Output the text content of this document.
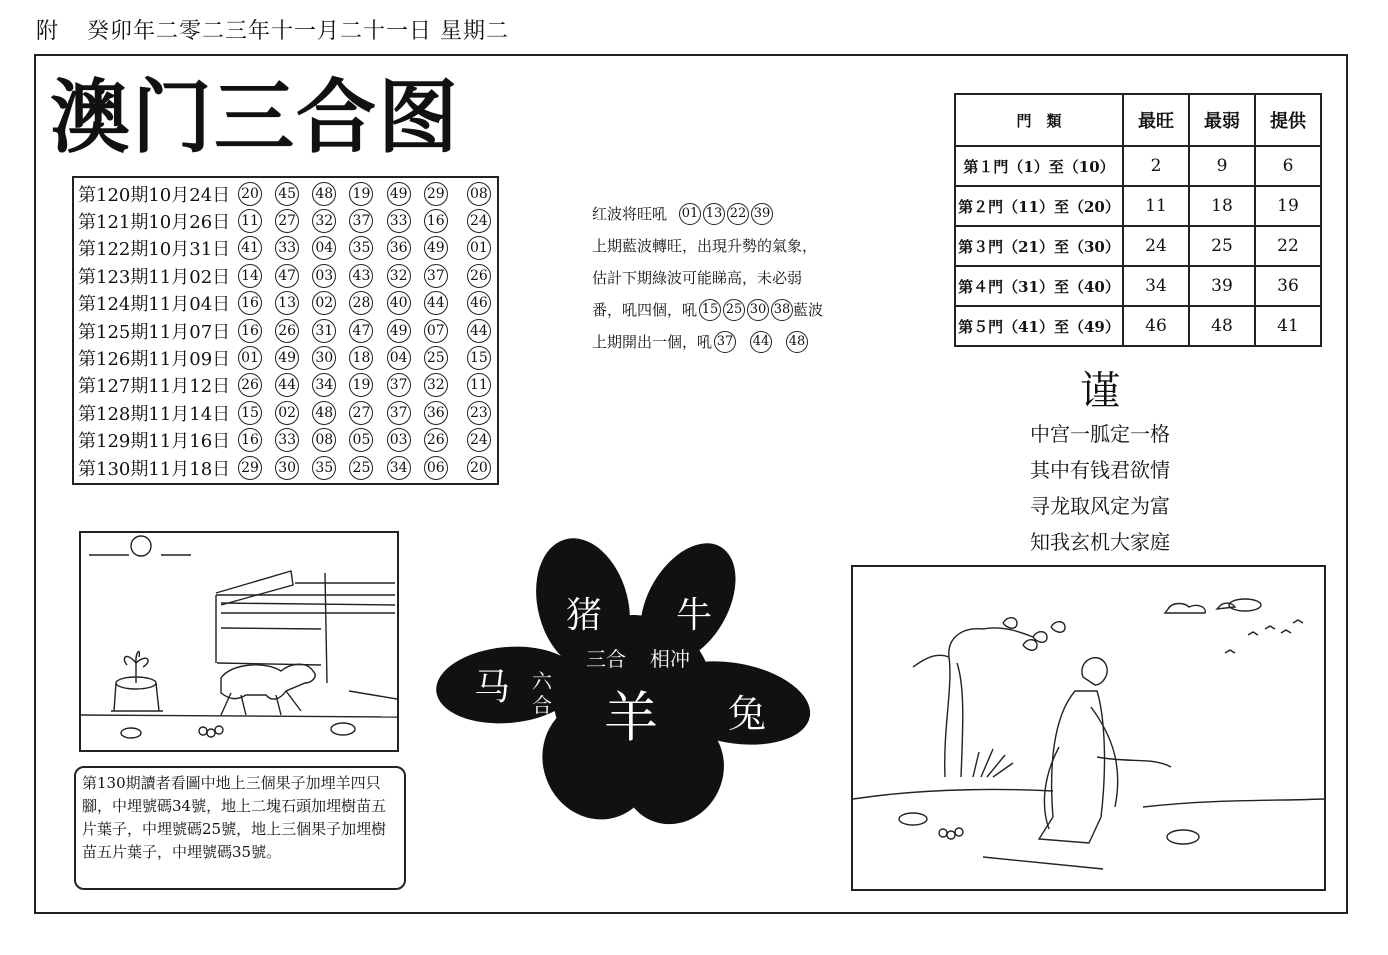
附 癸卯年二零二三年十一月二十一日 星期二
澳门三合图
第120期10月24日 20 45 48 19 49 29 08
第121期10月26日 11 27 32 37 33 16 24
第122期10月31日 41 33 04 35 36 49 01
第123期11月02日 14 47 03 43 32 37 26
第124期11月04日 16 13 02 28 40 44 46
第125期11月07日 16 26 31 47 49 07 44
第126期11月09日 01 49 30 18 04 25 15
第127期11月12日 26 44 34 19 37 32 11
第128期11月14日 15 02 48 27 37 36 23
第129期11月16日 16 33 08 05 03 26 24
第130期11月18日 29 30 35 25 34 06 20
红波将旺吼 01 13 22 39
上期藍波轉旺，出現升勢的氣象，
估計下期綠波可能睇高，未必弱
番，吼四個，吼 15 25 30 38 藍波
上期開出一個，吼 37 44 48
門　類	最旺	最弱	提供
第１門（1）至（10）	2	9	6
第２門（11）至（20）	11	18	19
第３門（21）至（30）	24	25	22
第４門（31）至（40）	34	39	36
第５門（41）至（49）	46	48	41
谨
中宫一胍定一格
其中有钱君欲情
寻龙取风定为富
知我玄机大家庭
第130期讀者看圖中地上三個果子加埋羊四只腳，中埋號碼34號，地上二塊石頭加埋樹苗五片葉子，中埋號碼25號，地上三個果子加埋樹苗五片葉子，中埋號碼35號。
猪 牛
马
兔
羊
三合 相冲
六
合
